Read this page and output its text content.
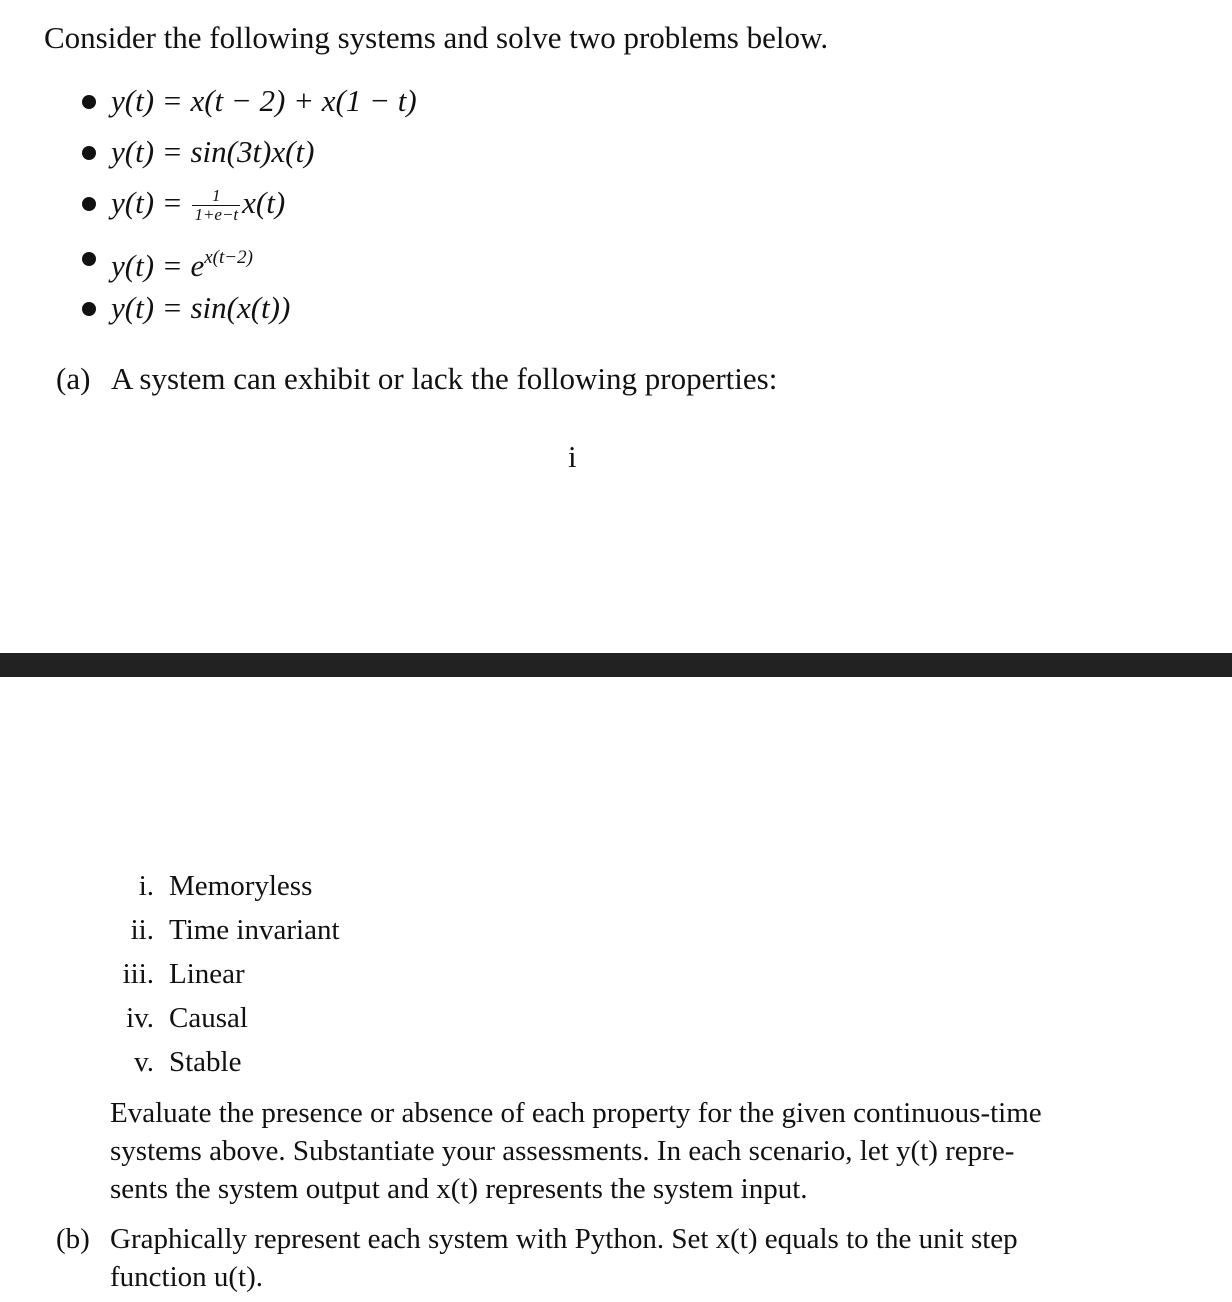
Consider the following systems and solve two problems below.
y(t) = x(t − 2) + x(1 − t)
y(t) = sin(3t)x(t)
$y(t) = \frac{1}{1+e-t} x(t)$
$y(t) = e^{x(t-2)}$
y(t) = sin(x(t))
(a) A system can exhibit or lack the following properties:
i
i. Memoryless
ii. Time invariant
iii. Linear
iv. Causal
v. Stable
Evaluate the presence or absence of each property for the given continuous-time
systems above. Substantiate your assessments. In each scenario, let y(t) repre-
sents the system output and x(t) represents the system input.
(b) Graphically represent each system with Python. Set x(t) equals to the unit step
function u(t).
